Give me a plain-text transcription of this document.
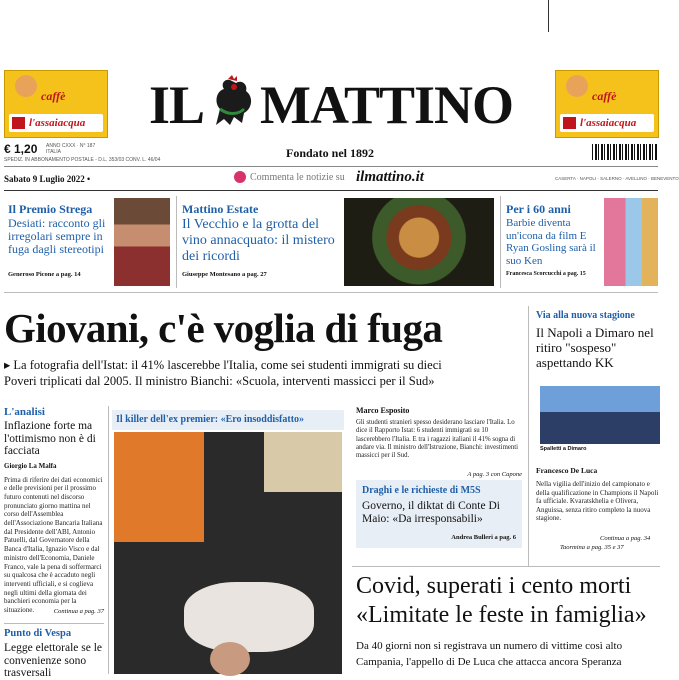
caffè
l'assaiacqua
caffè
l'assaiacqua
IL MATTINO
€ 1,20 ANNO CXXX · N° 187
ITALIA
SPEDIZ. IN ABBONAMENTO POSTALE - D.L. 353/03 CONV. L. 46/04	Fondato nel 1892
Sabato 9 Luglio 2022 •	Commenta le notizie su ilmattino.it	CASERTA · NAPOLI · SALERNO · AVELLINO · BENEVENTO
Il Premio Strega
Desiati: racconto gli irregolari sempre in fuga dagli stereotipi
Generoso Picone a pag. 14
Mattino Estate
Il Vecchio e la grotta del vino annacquato: il mistero dei ricordi
Giuseppe Montesano a pag. 27
Per i 60 anni
Barbie diventa un'icona da film E Ryan Gosling sarà il suo Ken
Francesca Scorcucchi a pag. 15
Giovani, c'è voglia di fuga
▸ La fotografia dell'Istat: il 41% lascerebbe l'Italia, come sei studenti immigrati su dieci
Poveri triplicati dal 2005. Il ministro Bianchi: «Scuola, interventi massicci per il Sud»
Via alla nuova stagione
Il Napoli a Dimaro nel ritiro "sospeso" aspettando KK
Spalletti a Dimaro
Francesco De Luca

Nella vigilia dell'inizio del campionato e della qualificazione in Champions il Napoli fa ufficiale. Kvaratskhelia e Olivera, Anguissa, senza ritiro completo la nuova stagione.

Continua a pag. 34
Taormina a pag. 35 e 37
L'analisi
Inflazione forte ma l'ottimismo non è di facciata
Giorgio La Malfa

Prima di riferire dei dati economici e delle previsioni per il prossimo futuro contenuti nel discorso pronunciato giorno mattina nel corso dell'Assemblea dell'Associazione Bancaria Italiana dal Presidente dell'ABI, Antonio Patuelli, dal Governatore della Banca d'Italia, Ignazio Visco e dal ministro dell'Economia, Daniele Franco, vale la pena di soffermarci su qualcosa che è accaduto negli interventi ufficiali, e si coglieva negli ultimi della giornata dei banchieri economia per la situazione.	Continua a pag. 37
Punto di Vespa
Legge elettorale se le convenienze sono trasversali
Il killer dell'ex premier: «Ero insoddisfatto»
Marco Esposito

Gli studenti stranieri spesso desiderano lasciare l'Italia. Lo dice il Rapporto Istat: 6 studenti immigrati su 10 lascerebbero l'Italia. E tra i ragazzi italiani il 41% sogna di andare via. Il ministro dell'Istruzione, Bianchi: investimenti massicci per il Sud.

A pag. 3 con Capone
Draghi e le richieste di M5S
Governo, il diktat di Conte Di Maio: «Da irresponsabili»
Andrea Bulleri a pag. 6
Covid, superati i cento morti
«Limitate le feste in famiglia»
Da 40 giorni non si registrava un numero di vittime così alto
Campania, l'appello di De Luca che attacca ancora Speranza
